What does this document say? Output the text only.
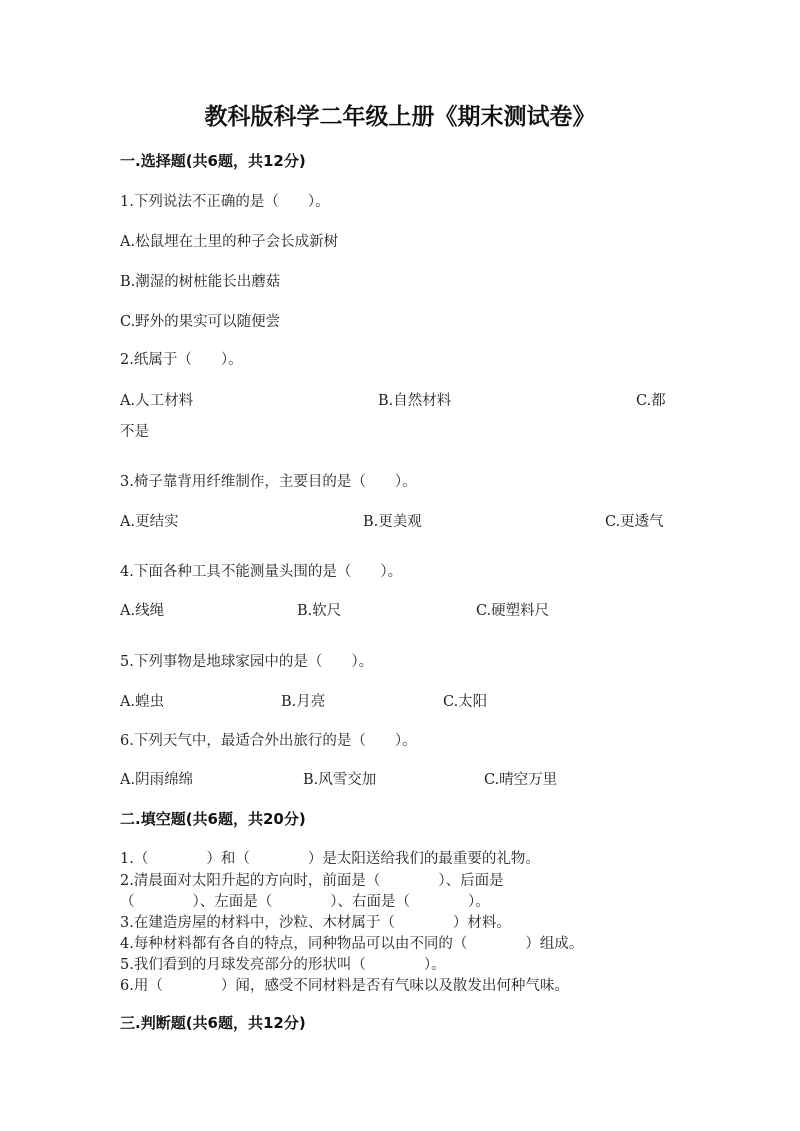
教科版科学二年级上册《期末测试卷》
一.选择题(共6题，共12分)
1.下列说法不正确的是（　　）。
A.松鼠埋在土里的种子会长成新树
B.潮湿的树桩能长出蘑菇
C.野外的果实可以随便尝
2.纸属于（　　）。
A.人工材料	B.自然材料	C.都
不是
3.椅子靠背用纤维制作，主要目的是（　　）。
A.更结实	B.更美观	C.更透气
4.下面各种工具不能测量头围的是（　　）。
A.线绳	B.软尺	C.硬塑料尺
5.下列事物是地球家园中的是（　　）。
A.蝗虫	B.月亮	C.太阳
6.下列天气中，最适合外出旅行的是（　　）。
A.阴雨绵绵	B.风雪交加	C.晴空万里
二.填空题(共6题，共20分)
1.（　　　　）和（　　　　）是太阳送给我们的最重要的礼物。
2.清晨面对太阳升起的方向时，前面是（　　　　）、后面是
（　　　　）、左面是（　　　　）、右面是（　　　　）。
3.在建造房屋的材料中，沙粒、木材属于（　　　　）材料。
4.每种材料都有各自的特点，同种物品可以由不同的（　　　　）组成。
5.我们看到的月球发亮部分的形状叫（　　　　）。
6.用（　　　　）闻，感受不同材料是否有气味以及散发出何种气味。
三.判断题(共6题，共12分)
